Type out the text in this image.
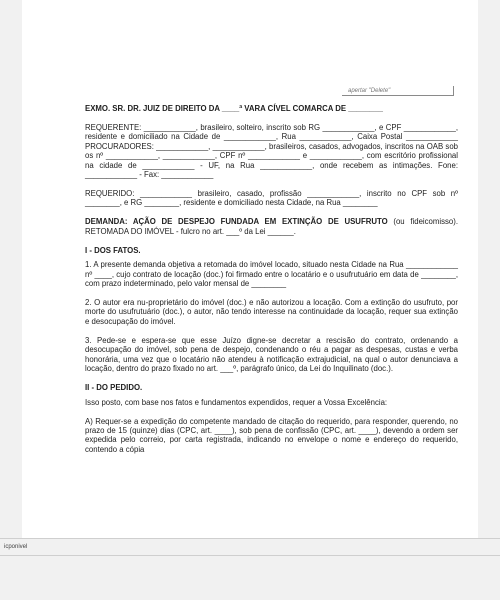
apertar "Delete"

EXMO. SR. DR. JUIZ DE DIREITO DA ____ª VARA CÍVEL COMARCA DE ________

REQUERENTE: ____________, brasileiro, solteiro, inscrito sob RG ____________, e CPF ____________, residente e domiciliado na Cidade de ____________, Rua ____________, Caixa Postal ____________ PROCURADORES: ____________, ____________, brasileiros, casados, advogados, inscritos na OAB sob os nº ____________, ____________, CPF nº ____________ e ____________, com escritório profissional na cidade de ____________ - UF, na Rua ____________, onde recebem as intimações. Fone: ____________ - Fax: ____________

REQUERIDO: ____________ brasileiro, casado, profissão ____________, inscrito no CPF sob nº ________, e RG ________, residente e domiciliado nesta Cidade, na Rua ________

DEMANDA: AÇÃO DE DESPEJO FUNDADA EM EXTINÇÃO DE USUFRUTO (ou fideicomisso). RETOMADA DO IMÓVEL - fulcro no art. ___º da Lei ______.

I - DOS FATOS.

1. A presente demanda objetiva a retomada do imóvel locado, situado nesta Cidade na Rua ____________ nº ____, cujo contrato de locação (doc.) foi firmado entre o locatário e o usufrutuário em data de ________, com prazo indeterminado, pelo valor mensal de ________

2. O autor era nu-proprietário do imóvel (doc.) e não autorizou a locação. Com a extinção do usufruto, por morte do usufrutuário (doc.), o autor, não tendo interesse na continuidade da locação, requer sua extinção e desocupação do imóvel.

3. Pede-se e espera-se que esse Juízo digne-se decretar a rescisão do contrato, ordenando a desocupação do imóvel, sob pena de despejo, condenando o réu a pagar as despesas, custas e verba honorária, uma vez que o locatário não atendeu à notificação extrajudicial, na qual o autor denunciava a locação, dentro do prazo fixado no art. ___º, parágrafo único, da Lei do Inquilinato (doc.).

II - DO PEDIDO.

Isso posto, com base nos fatos e fundamentos expendidos, requer a Vossa Excelência:

A) Requer-se a expedição do competente mandado de citação do requerido, para responder, querendo, no prazo de 15 (quinze) dias (CPC, art. ____), sob pena de confissão (CPC, art. ____), devendo a ordem ser expedida pelo correio, por carta registrada, indicando no envelope o nome e endereço do requerido, contendo a cópia

icponivel
